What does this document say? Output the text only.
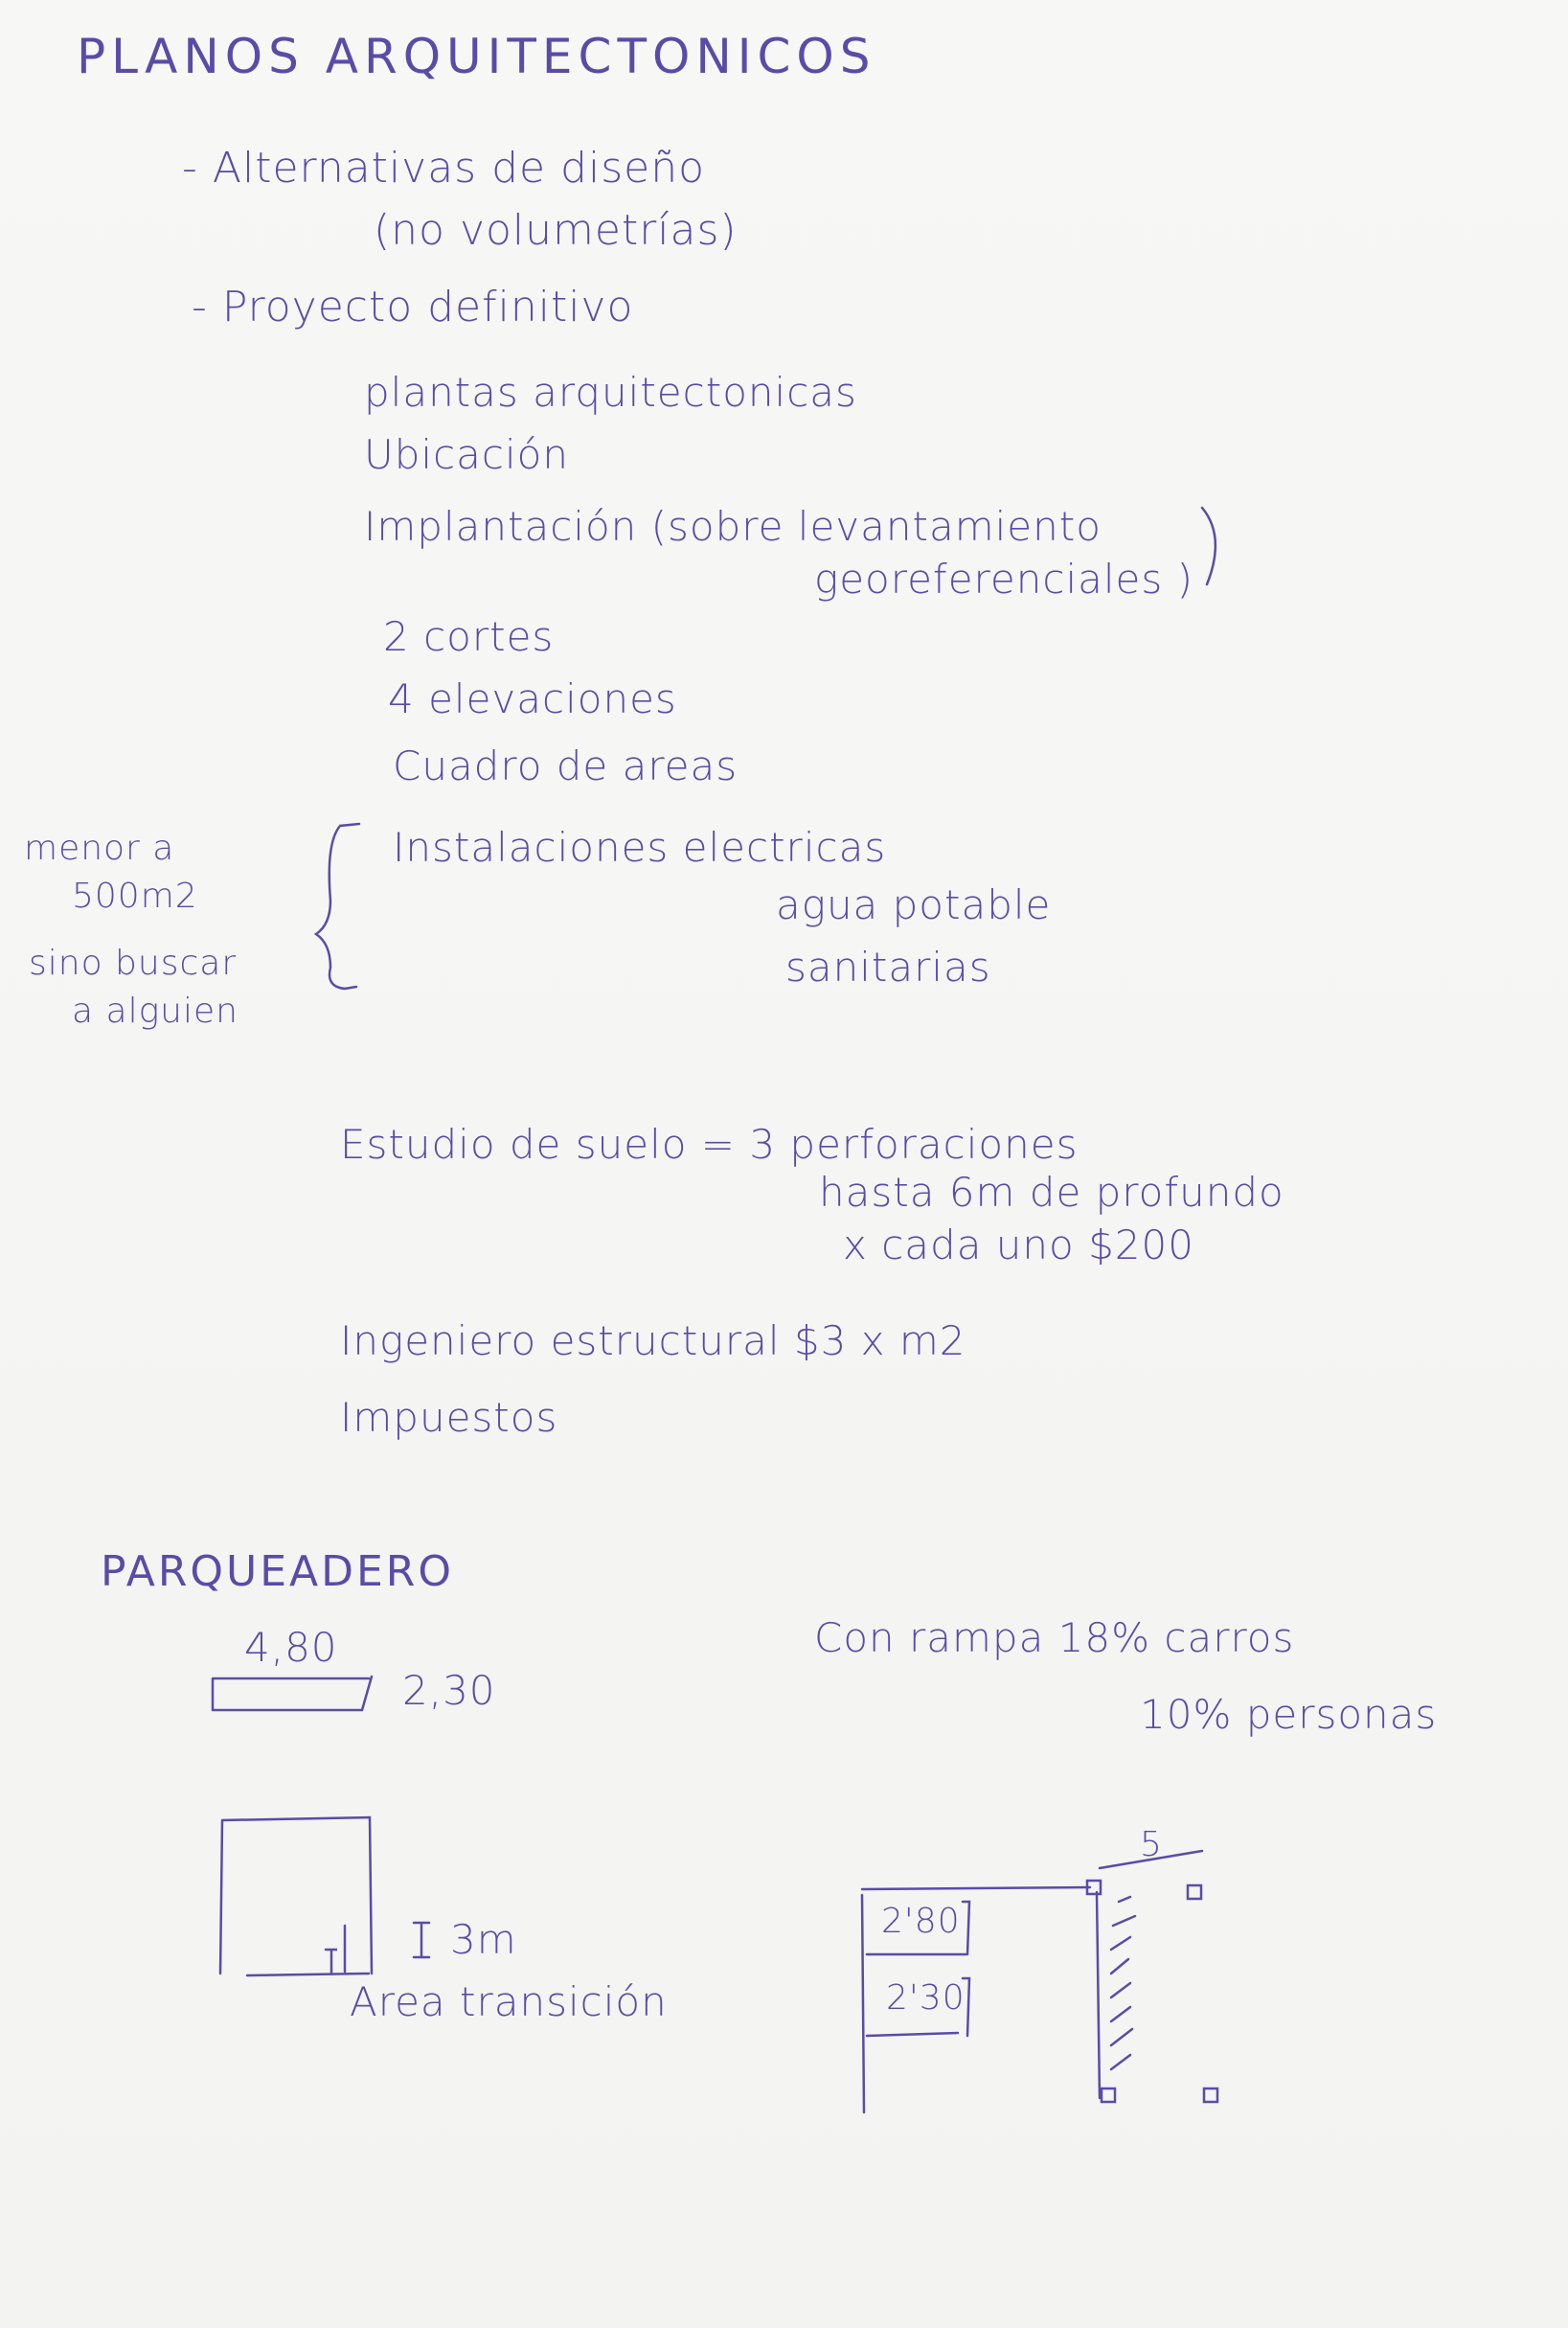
PLANOS ARQUITECTONICOS
- Alternativas de diseño
(no volumetrías)
- Proyecto definitivo
plantas arquitectonicas
Ubicación
Implantación (sobre levantamiento
georeferenciales )
2 cortes
4 elevaciones
Cuadro de areas
Instalaciones electricas
agua potable
sanitarias
menor a
500m2
sino buscar
a alguien
Estudio de suelo = 3 perforaciones
hasta 6m de profundo
x cada uno $200
Ingeniero estructural $3 x m2
Impuestos
PARQUEADERO
4,80
2,30
Con rampa 18% carros
10% personas
3m
Area transición
2'80
2'30
5
